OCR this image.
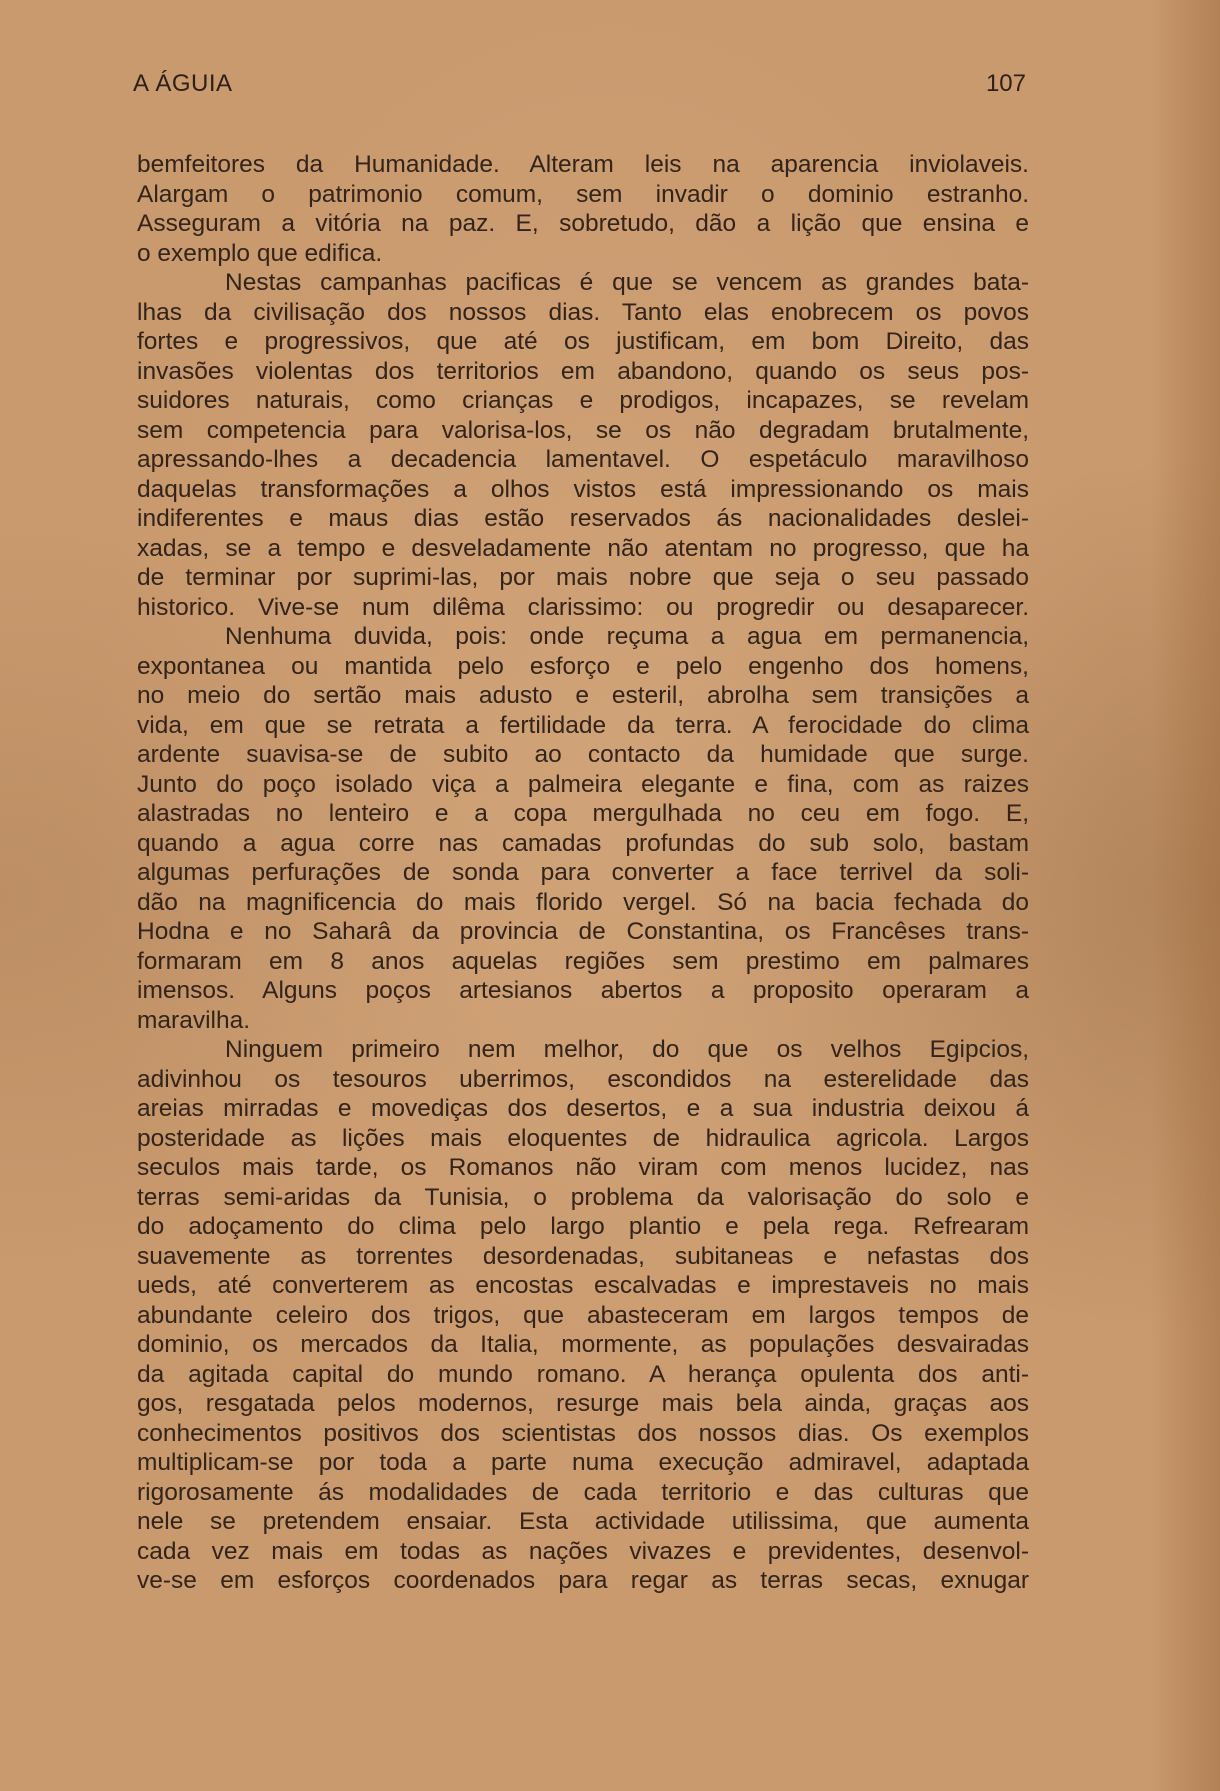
A ÁGUIA	107
bemfeitores da Humanidade. Alteram leis na aparencia inviolaveis.
Alargam o patrimonio comum, sem invadir o dominio estranho.
Asseguram a vitória na paz. E, sobretudo, dão a lição que ensina e
o exemplo que edifica.
Nestas campanhas pacificas é que se vencem as grandes bata-
lhas da civilisação dos nossos dias. Tanto elas enobrecem os povos
fortes e progressivos, que até os justificam, em bom Direito, das
invasões violentas dos territorios em abandono, quando os seus pos-
suidores naturais, como crianças e prodigos, incapazes, se revelam
sem competencia para valorisa-los, se os não degradam brutalmente,
apressando-lhes a decadencia lamentavel. O espetáculo maravilhoso
daquelas transformações a olhos vistos está impressionando os mais
indiferentes e maus dias estão reservados ás nacionalidades deslei-
xadas, se a tempo e desveladamente não atentam no progresso, que ha
de terminar por suprimi-las, por mais nobre que seja o seu passado
historico. Vive-se num dilêma clarissimo: ou progredir ou desaparecer.
Nenhuma duvida, pois: onde reçuma a agua em permanencia,
expontanea ou mantida pelo esforço e pelo engenho dos homens,
no meio do sertão mais adusto e esteril, abrolha sem transições a
vida, em que se retrata a fertilidade da terra. A ferocidade do clima
ardente suavisa-se de subito ao contacto da humidade que surge.
Junto do poço isolado viça a palmeira elegante e fina, com as raizes
alastradas no lenteiro e a copa mergulhada no ceu em fogo. E,
quando a agua corre nas camadas profundas do sub solo, bastam
algumas perfurações de sonda para converter a face terrivel da soli-
dão na magnificencia do mais florido vergel. Só na bacia fechada do
Hodna e no Saharâ da provincia de Constantina, os Francêses trans-
formaram em 8 anos aquelas regiões sem prestimo em palmares
imensos. Alguns poços artesianos abertos a proposito operaram a
maravilha.
Ninguem primeiro nem melhor, do que os velhos Egipcios,
adivinhou os tesouros uberrimos, escondidos na esterelidade das
areias mirradas e movediças dos desertos, e a sua industria deixou á
posteridade as lições mais eloquentes de hidraulica agricola. Largos
seculos mais tarde, os Romanos não viram com menos lucidez, nas
terras semi-aridas da Tunisia, o problema da valorisação do solo e
do adoçamento do clima pelo largo plantio e pela rega. Refrearam
suavemente as torrentes desordenadas, subitaneas e nefastas dos
ueds, até converterem as encostas escalvadas e imprestaveis no mais
abundante celeiro dos trigos, que abasteceram em largos tempos de
dominio, os mercados da Italia, mormente, as populações desvairadas
da agitada capital do mundo romano. A herança opulenta dos anti-
gos, resgatada pelos modernos, resurge mais bela ainda, graças aos
conhecimentos positivos dos scientistas dos nossos dias. Os exemplos
multiplicam-se por toda a parte numa execução admiravel, adaptada
rigorosamente ás modalidades de cada territorio e das culturas que
nele se pretendem ensaiar. Esta actividade utilissima, que aumenta
cada vez mais em todas as nações vivazes e previdentes, desenvol-
ve-se em esforços coordenados para regar as terras secas, exnugar
